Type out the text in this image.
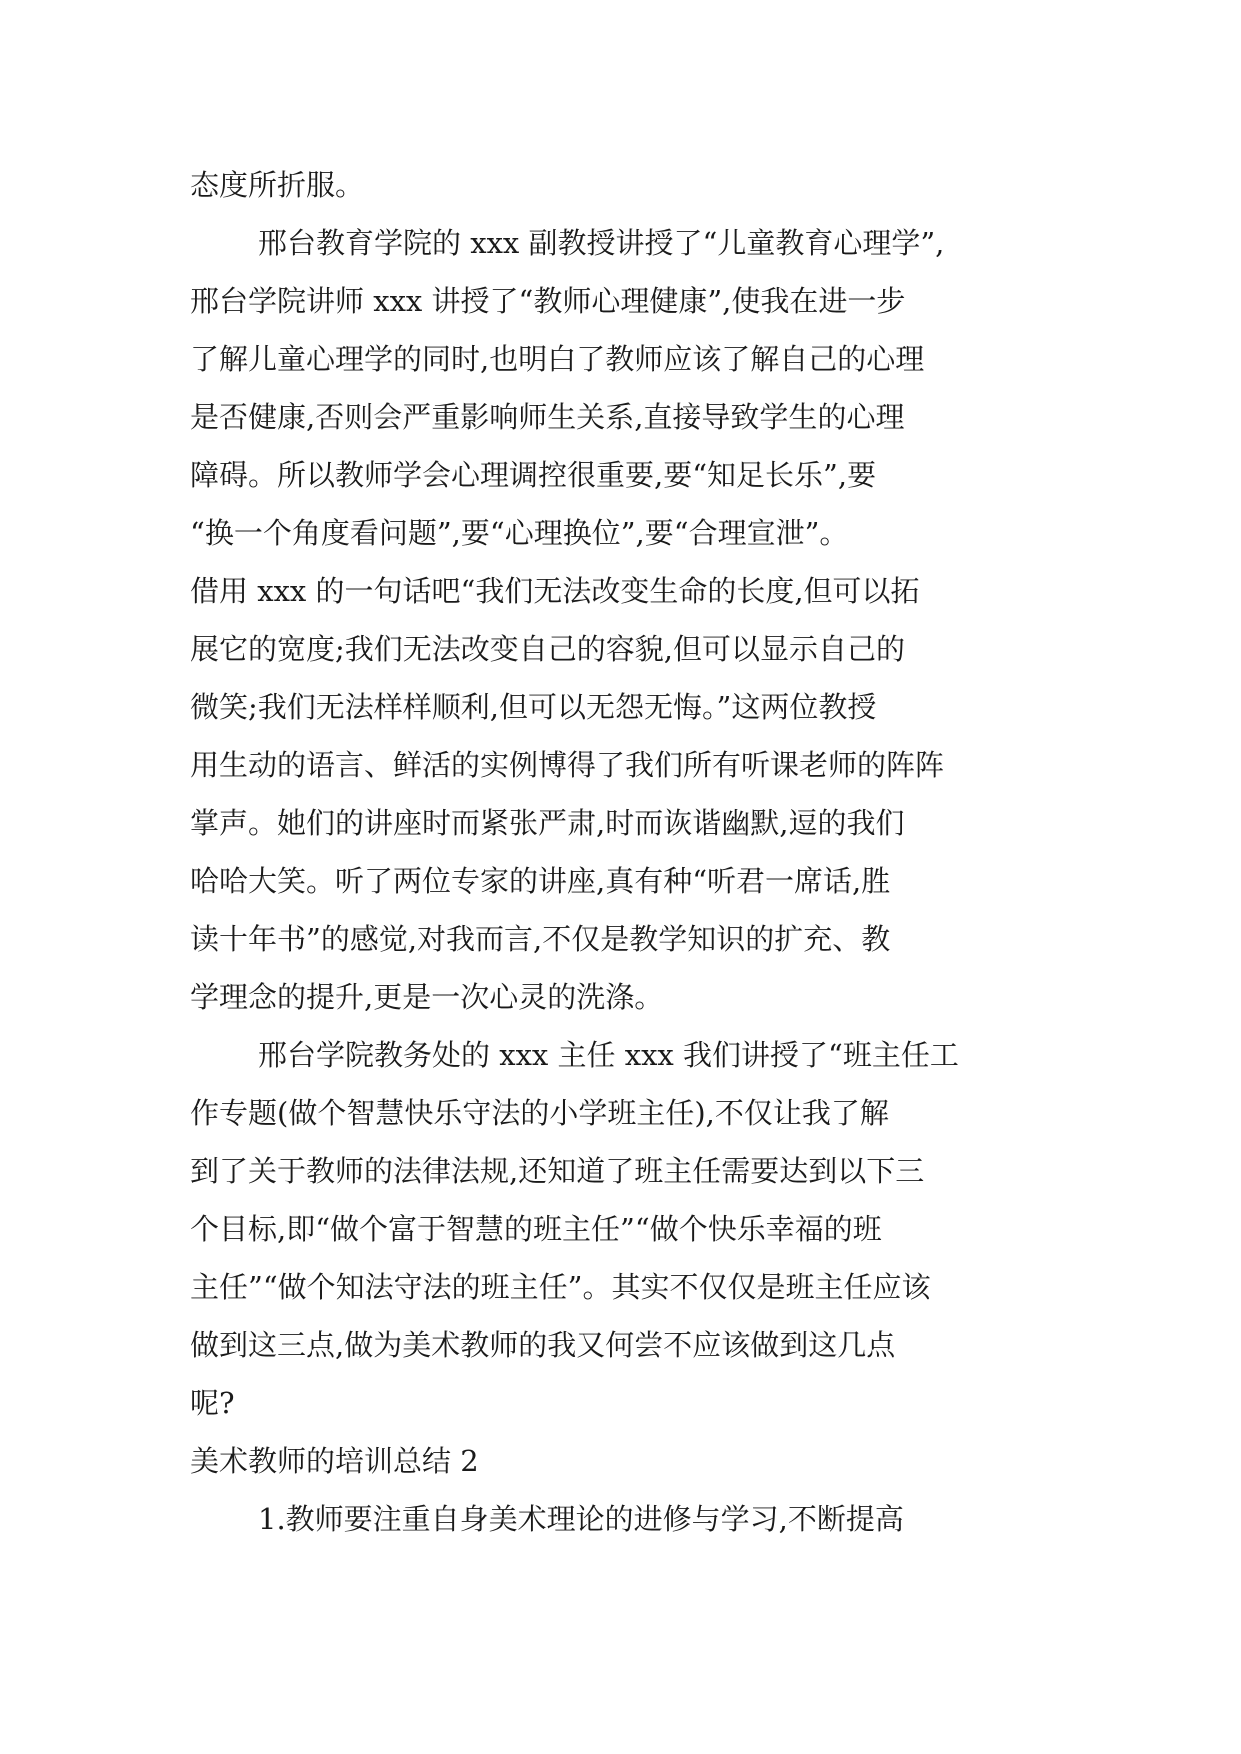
态度所折服。
邢台教育学院的 xxx 副教授讲授了“儿童教育心理学”,
邢台学院讲师 xxx 讲授了“教师心理健康”,使我在进一步
了解儿童心理学的同时,也明白了教师应该了解自己的心理
是否健康,否则会严重影响师生关系,直接导致学生的心理
障碍。所以教师学会心理调控很重要,要“知足长乐”,要
“换一个角度看问题”,要“心理换位”,要“合理宣泄”。
借用 xxx 的一句话吧“我们无法改变生命的长度,但可以拓
展它的宽度;我们无法改变自己的容貌,但可以显示自己的
微笑;我们无法样样顺利,但可以无怨无悔。”这两位教授
用生动的语言、鲜活的实例博得了我们所有听课老师的阵阵
掌声。她们的讲座时而紧张严肃,时而诙谐幽默,逗的我们
哈哈大笑。听了两位专家的讲座,真有种“听君一席话,胜
读十年书”的感觉,对我而言,不仅是教学知识的扩充、教
学理念的提升,更是一次心灵的洗涤。
邢台学院教务处的 xxx 主任 xxx 我们讲授了“班主任工
作专题(做个智慧快乐守法的小学班主任),不仅让我了解
到了关于教师的法律法规,还知道了班主任需要达到以下三
个目标,即“做个富于智慧的班主任”“做个快乐幸福的班
主任”“做个知法守法的班主任”。其实不仅仅是班主任应该
做到这三点,做为美术教师的我又何尝不应该做到这几点
呢?
美术教师的培训总结 2
1.教师要注重自身美术理论的进修与学习,不断提高
